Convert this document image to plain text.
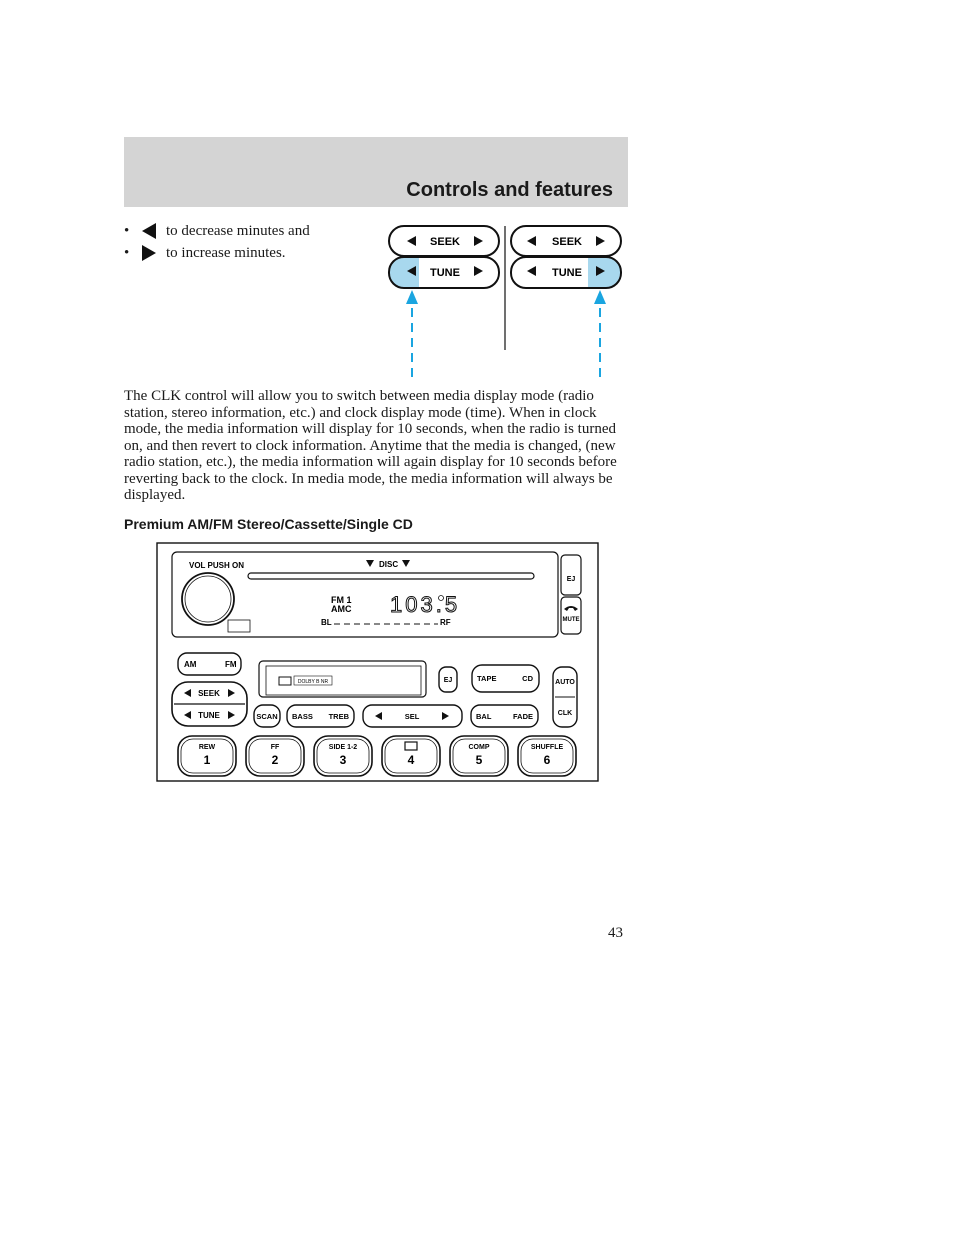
Controls and features
•	to decrease minutes and
•	to increase minutes.
SEEK
TUNE
SEEK
TUNE
The CLK control will allow you to switch between media display mode (radio station, stereo information, etc.) and clock display mode (time). When in clock mode, the media information will display for 10 seconds, when the radio is turned on, and then revert to clock information. Anytime that the media is changed, (new radio station, etc.), the media information will again display for 10 seconds before reverting back to the clock. In media mode, the media information will always be displayed.
Premium AM/FM Stereo/Cassette/Single CD
VOL PUSH ON	DISC
FM 1
AMC 103.5
BL	RF
EJ
MUTE
AM	FM
SEEK
TUNE	SCAN BASS TREB	SEL	BAL	FADE
DOLBY B NR	EJ	TAPE	CD	AUTO
CLK
REW
1
FF
2
SIDE 1-2
3	4
COMP
5
SHUFFLE
6
43
